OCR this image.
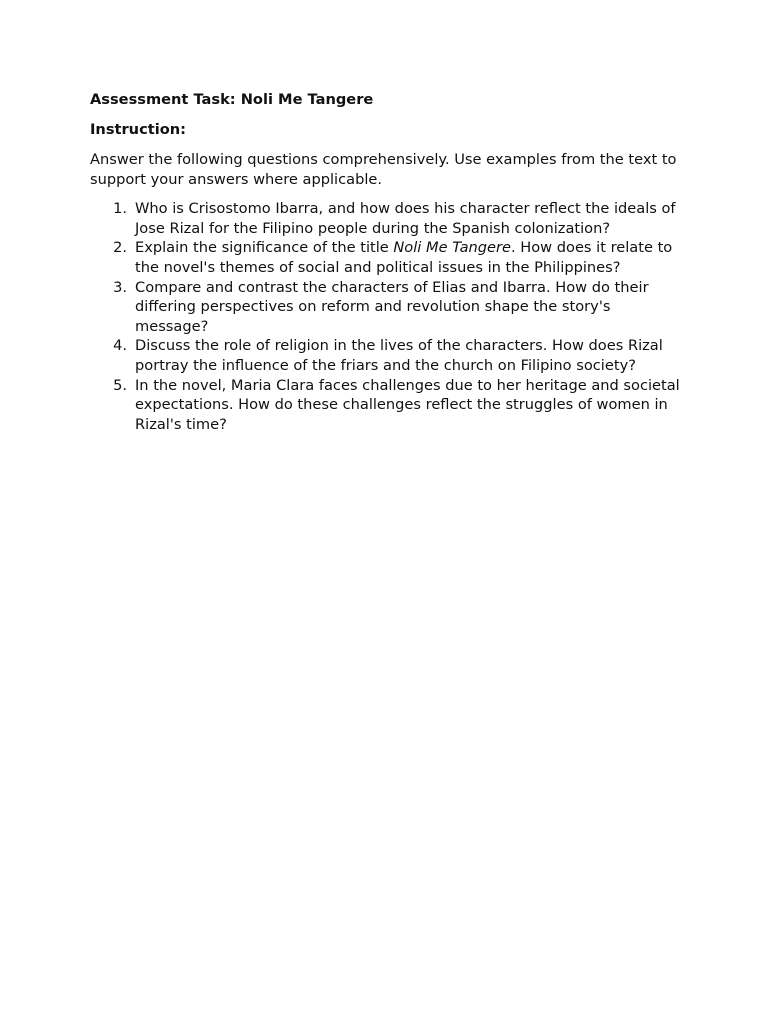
Assessment Task: Noli Me Tangere

Instruction:

Answer the following questions comprehensively. Use examples from the text to support your answers where applicable.

1. Who is Crisostomo Ibarra, and how does his character reflect the ideals of Jose Rizal for the Filipino people during the Spanish colonization?
2. Explain the significance of the title Noli Me Tangere. How does it relate to the novel's themes of social and political issues in the Philippines?
3. Compare and contrast the characters of Elias and Ibarra. How do their differing perspectives on reform and revolution shape the story's message?
4. Discuss the role of religion in the lives of the characters. How does Rizal portray the influence of the friars and the church on Filipino society?
5. In the novel, Maria Clara faces challenges due to her heritage and societal expectations. How do these challenges reflect the struggles of women in Rizal's time?
